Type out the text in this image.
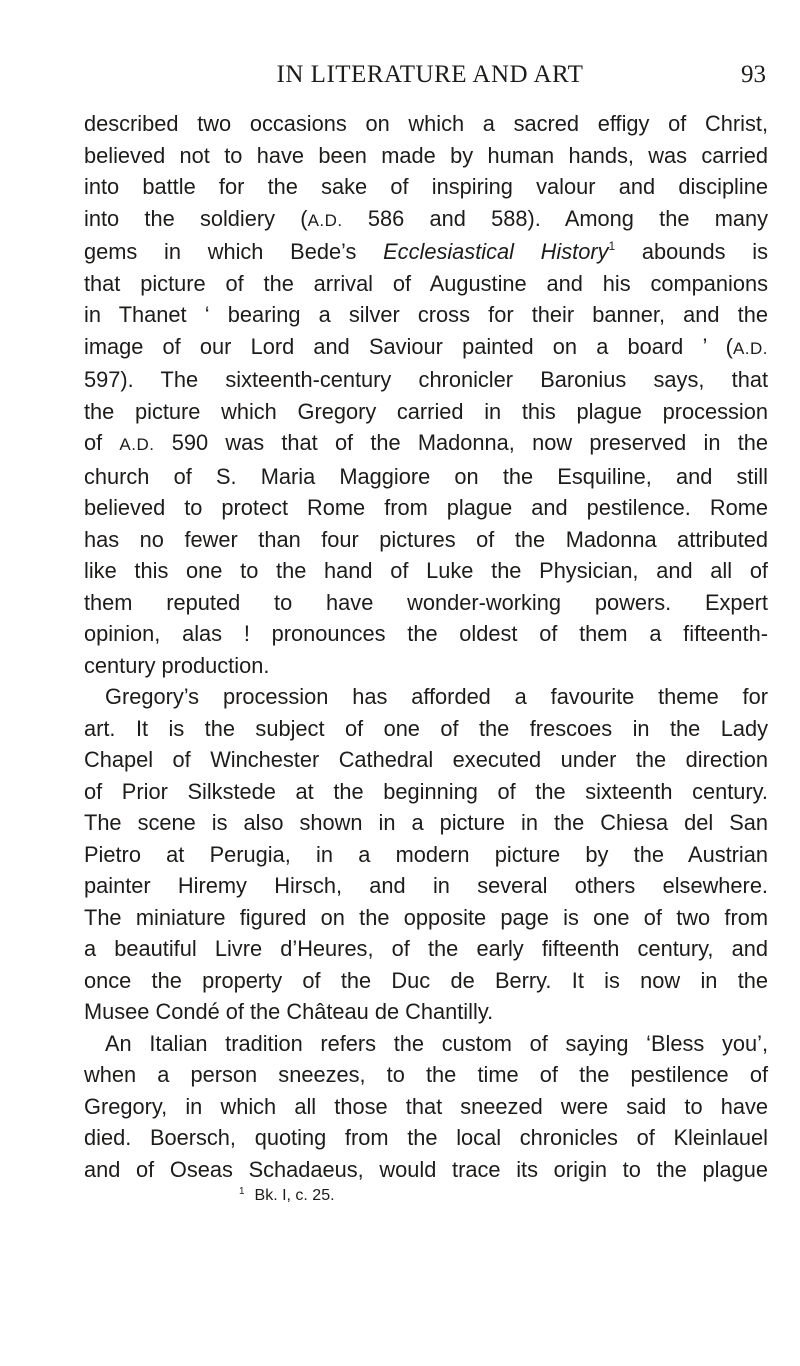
IN LITERATURE AND ART	93
described two occasions on which a sacred effigy of Christ,
believed not to have been made by human hands, was carried
into battle for the sake of inspiring valour and discipline
into the soldiery (A.D. 586 and 588). Among the many
gems in which Bede’s Ecclesiastical History$^1$ abounds is
that picture of the arrival of Augustine and his companions
in Thanet ‘ bearing a silver cross for their banner, and the
image of our Lord and Saviour painted on a board ’ (A.D.
597). The sixteenth-century chronicler Baronius says, that
the picture which Gregory carried in this plague procession
of A.D. 590 was that of the Madonna, now preserved in the
church of S. Maria Maggiore on the Esquiline, and still
believed to protect Rome from plague and pestilence. Rome
has no fewer than four pictures of the Madonna attributed
like this one to the hand of Luke the Physician, and all of
them reputed to have wonder-working powers. Expert
opinion, alas ! pronounces the oldest of them a fifteenth-
century production.
Gregory’s procession has afforded a favourite theme for
art. It is the subject of one of the frescoes in the Lady
Chapel of Winchester Cathedral executed under the direction
of Prior Silkstede at the beginning of the sixteenth century.
The scene is also shown in a picture in the Chiesa del San
Pietro at Perugia, in a modern picture by the Austrian
painter Hiremy Hirsch, and in several others elsewhere.
The miniature figured on the opposite page is one of two from
a beautiful Livre d’Heures, of the early fifteenth century, and
once the property of the Duc de Berry. It is now in the
Musee Condé of the Château de Chantilly.
An Italian tradition refers the custom of saying ‘Bless you’,
when a person sneezes, to the time of the pestilence of
Gregory, in which all those that sneezed were said to have
died. Boersch, quoting from the local chronicles of Kleinlauel
and of Oseas Schadaeus, would trace its origin to the plague
$^1$ Bk. I, c. 25.
